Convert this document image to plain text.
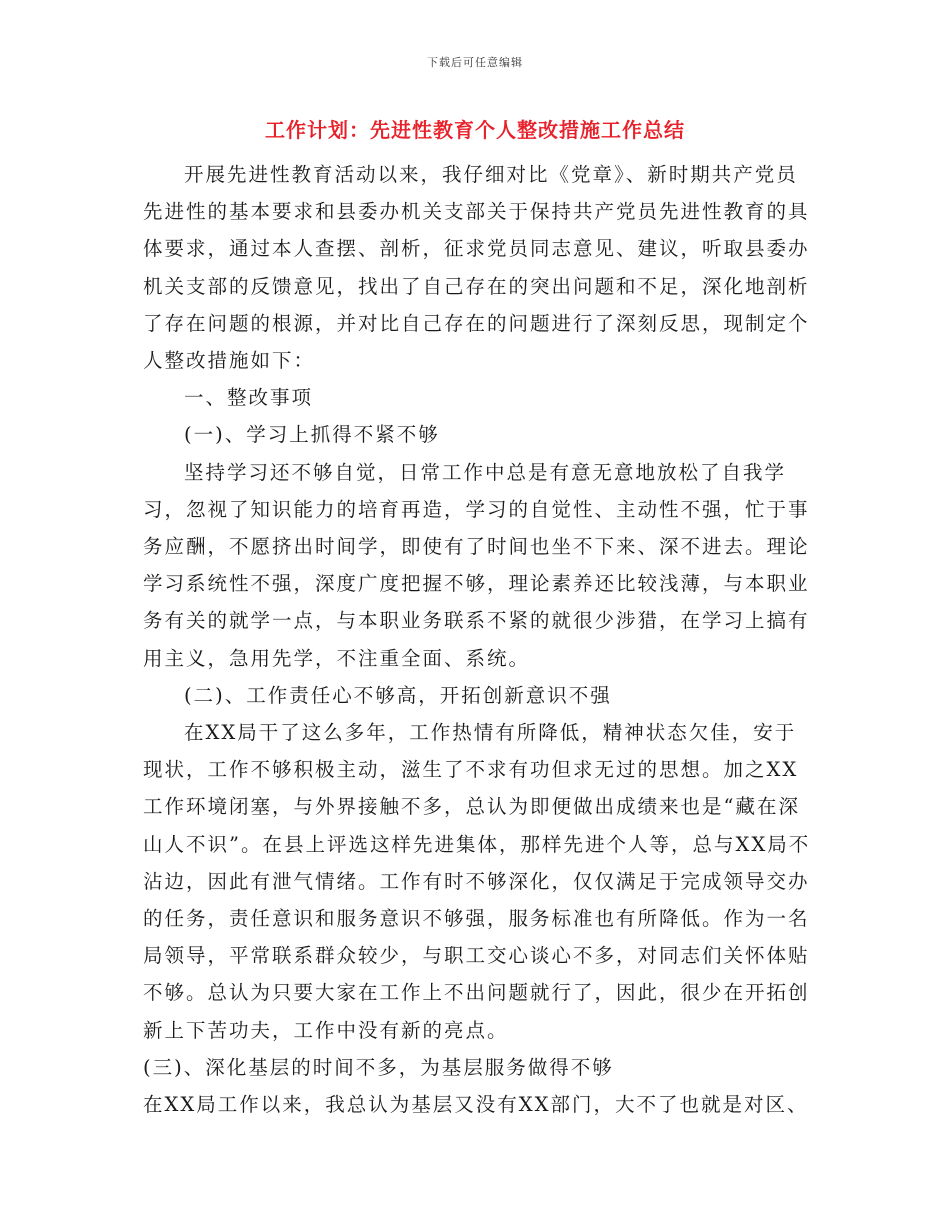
下载后可任意编辑
工作计划：先进性教育个人整改措施工作总结

开展先进性教育活动以来，我仔细对比《党章》、新时期共产党员先进性的基本要求和县委办机关支部关于保持共产党员先进性教育的具体要求，通过本人查摆、剖析，征求党员同志意见、建议，听取县委办机关支部的反馈意见，找出了自己存在的突出问题和不足，深化地剖析了存在问题的根源，并对比自己存在的问题进行了深刻反思，现制定个人整改措施如下：

一、整改事项

(一)、学习上抓得不紧不够

坚持学习还不够自觉，日常工作中总是有意无意地放松了自我学习，忽视了知识能力的培育再造，学习的自觉性、主动性不强，忙于事务应酬，不愿挤出时间学，即使有了时间也坐不下来、深不进去。理论学习系统性不强，深度广度把握不够，理论素养还比较浅薄，与本职业务有关的就学一点，与本职业务联系不紧的就很少涉猎，在学习上搞有用主义，急用先学，不注重全面、系统。

(二)、工作责任心不够高，开拓创新意识不强

在XX局干了这么多年，工作热情有所降低，精神状态欠佳，安于现状，工作不够积极主动，滋生了不求有功但求无过的思想。加之XX工作环境闭塞，与外界接触不多，总认为即便做出成绩来也是“藏在深山人不识”。在县上评选这样先进集体，那样先进个人等，总与XX局不沾边，因此有泄气情绪。工作有时不够深化，仅仅满足于完成领导交办的任务，责任意识和服务意识不够强，服务标准也有所降低。作为一名局领导，平常联系群众较少，与职工交心谈心不多，对同志们关怀体贴不够。总认为只要大家在工作上不出问题就行了，因此，很少在开拓创新上下苦功夫，工作中没有新的亮点。

(三)、深化基层的时间不多，为基层服务做得不够

在XX局工作以来，我总认为基层又没有XX部门，大不了也就是对区、
